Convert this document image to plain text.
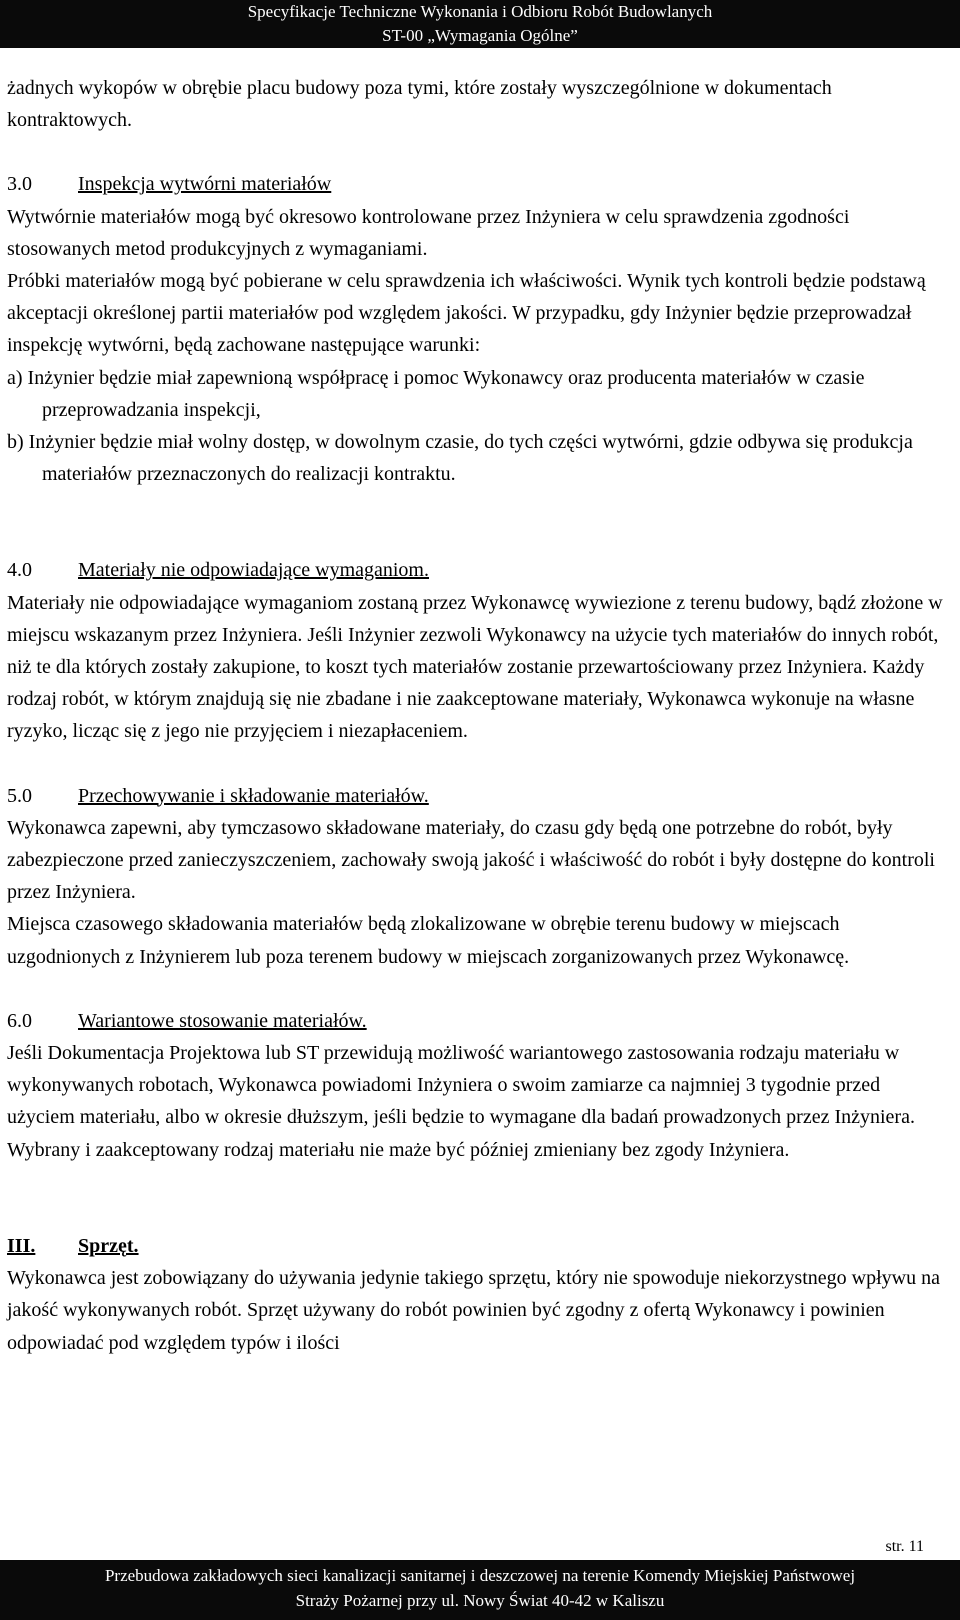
Specyfikacje Techniczne Wykonania i Odbioru Robót Budowlanych
ST-00 „Wymagania Ogólne”

żadnych wykopów w obrębie placu budowy poza tymi, które zostały wyszczególnione w dokumentach kontraktowych.

3.0 Inspekcja wytwórni materiałów

Wytwórnie materiałów mogą być okresowo kontrolowane przez Inżyniera w celu sprawdzenia zgodności stosowanych metod produkcyjnych z wymaganiami.

Próbki materiałów mogą być pobierane w celu sprawdzenia ich właściwości. Wynik tych kontroli będzie podstawą akceptacji określonej partii materiałów pod względem jakości. W przypadku, gdy Inżynier będzie przeprowadzał inspekcję wytwórni, będą zachowane następujące warunki:

a) Inżynier będzie miał zapewnioną współpracę i pomoc Wykonawcy oraz producenta materiałów w czasie przeprowadzania inspekcji,

b) Inżynier będzie miał wolny dostęp, w dowolnym czasie, do tych części wytwórni, gdzie odbywa się produkcja materiałów przeznaczonych do realizacji kontraktu.

4.0 Materiały nie odpowiadające wymaganiom.

Materiały nie odpowiadające wymaganiom zostaną przez Wykonawcę wywiezione z terenu budowy, bądź złożone w miejscu wskazanym przez Inżyniera. Jeśli Inżynier zezwoli Wykonawcy na użycie tych materiałów do innych robót, niż te dla których zostały zakupione, to koszt tych materiałów zostanie przewartościowany przez Inżyniera. Każdy rodzaj robót, w którym znajdują się nie zbadane i nie zaakceptowane materiały, Wykonawca wykonuje na własne ryzyko, licząc się z jego nie przyjęciem i niezapłaceniem.

5.0 Przechowywanie i składowanie materiałów.

Wykonawca zapewni, aby tymczasowo składowane materiały, do czasu gdy będą one potrzebne do robót, były zabezpieczone przed zanieczyszczeniem, zachowały swoją jakość i właściwość do robót i były dostępne do kontroli przez Inżyniera.

Miejsca czasowego składowania materiałów będą zlokalizowane w obrębie terenu budowy w miejscach uzgodnionych z Inżynierem lub poza terenem budowy w miejscach zorganizowanych przez Wykonawcę.

6.0 Wariantowe stosowanie materiałów.

Jeśli Dokumentacja Projektowa lub ST przewidują możliwość wariantowego zastosowania rodzaju materiału w wykonywanych robotach, Wykonawca powiadomi Inżyniera o swoim zamiarze ca najmniej 3 tygodnie przed użyciem materiału, albo w okresie dłuższym, jeśli będzie to wymagane dla badań prowadzonych przez Inżyniera. Wybrany i zaakceptowany rodzaj materiału nie maże być później zmieniany bez zgody Inżyniera.

III. Sprzęt.

Wykonawca jest zobowiązany do używania jedynie takiego sprzętu, który nie spowoduje niekorzystnego wpływu na jakość wykonywanych robót. Sprzęt używany do robót powinien być zgodny z ofertą Wykonawcy i powinien odpowiadać pod względem typów i ilości

str. 11
Przebudowa zakładowych sieci kanalizacji sanitarnej i deszczowej na terenie Komendy Miejskiej Państwowej
Straży Pożarnej przy ul. Nowy Świat 40-42 w Kaliszu
